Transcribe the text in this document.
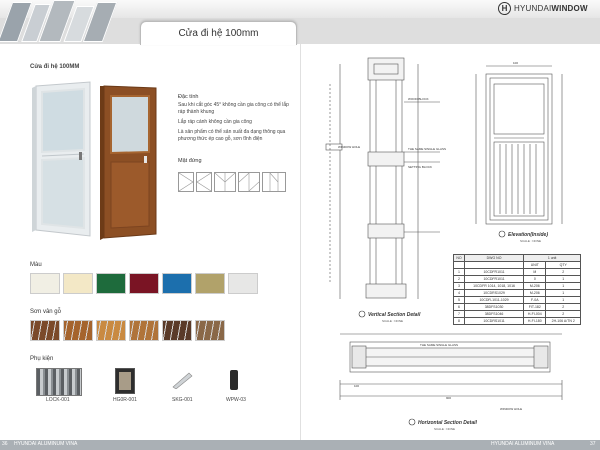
Cửa đi hệ 100mm
H HYUNDAIWINDOW
Cửa đi hệ 100MM
Đặc tính

Sau khi cắt góc 45° không cần gia công có thể lắp ráp thành khung

Lắp ráp cánh không cần gia công

Là sản phẩm có thể sản xuất đa dạng thông qua phương thức ép cao gỗ, sơn tĩnh điện

Mặt đứng
Màu
Sơn vân gỗ
Phụ kiện
LOCK-001	HG0R-001	SKG-001	WPW-03
WINDOW HOLE
WOOD BLOCK
THE SAME SINGLE GLASS
SETTING BLOCK
Vertical Section Detail
SCALE : NONE
100
Elevation(Inside)
SCALE : NONE
900
100
THE SAME SINGLE GLASS
WINDOW HOLE
Horizontal Section Detail
SCALE : NONE
NO	DWG NO	1 unit	
		UNIT	QTY
1	10CDFR1011	M	2
2	10CDFR1011	0	1
3	10CDFR 1014, 1018, 1016	M-206	1
4	10CDRS1029	M-206	1
5	10CDR-1011-1029	F-0A	1
6	38DFS1030	FIT-182	2
7	38DFS1046	H-FI-004	2
8	10CDRS1011	H-FI-180	2H-106 A/TN 2
36 HYUNDAI ALUMINUM VINA	HYUNDAI ALUMINUM VINA	37
